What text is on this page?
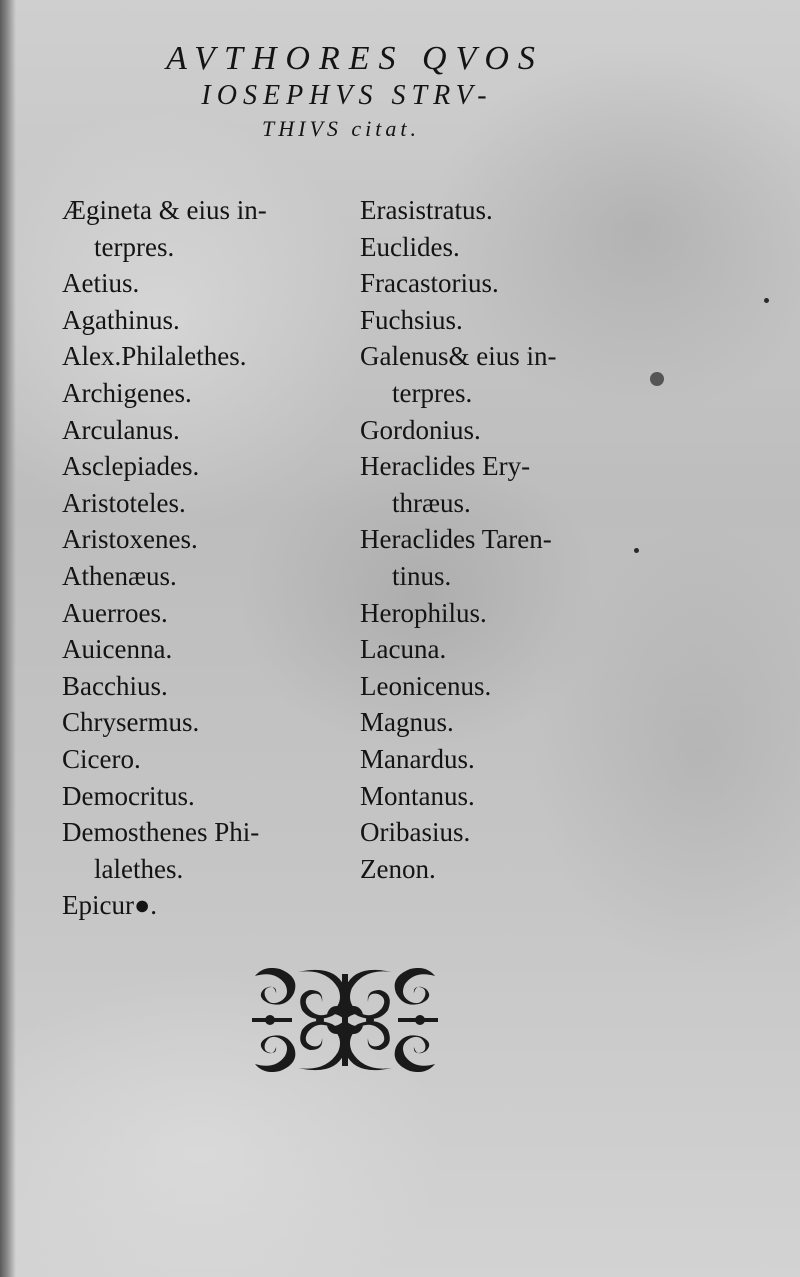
AVTHORES QVOS
IOSEPHVS STRV-
THIVS citat.
Ægineta & eius in-
terpres.
Aetius.
Agathinus.
Alex.Philalethes.
Archigenes.
Arculanus.
Asclepiades.
Aristoteles.
Aristoxenes.
Athenæus.
Auerroes.
Auicenna.
Bacchius.
Chrysermus.
Cicero.
Democritus.
Demosthenes Phi-
lalethes.
Epicur●.
Erasistratus.
Euclides.
Fracastorius.
Fuchsius.
Galenus& eius in-
terpres.
Gordonius.
Heraclides Ery-
thræus.
Heraclides Taren-
tinus.
Herophilus.
Lacuna.
Leonicenus.
Magnus.
Manardus.
Montanus.
Oribasius.
Zenon.
